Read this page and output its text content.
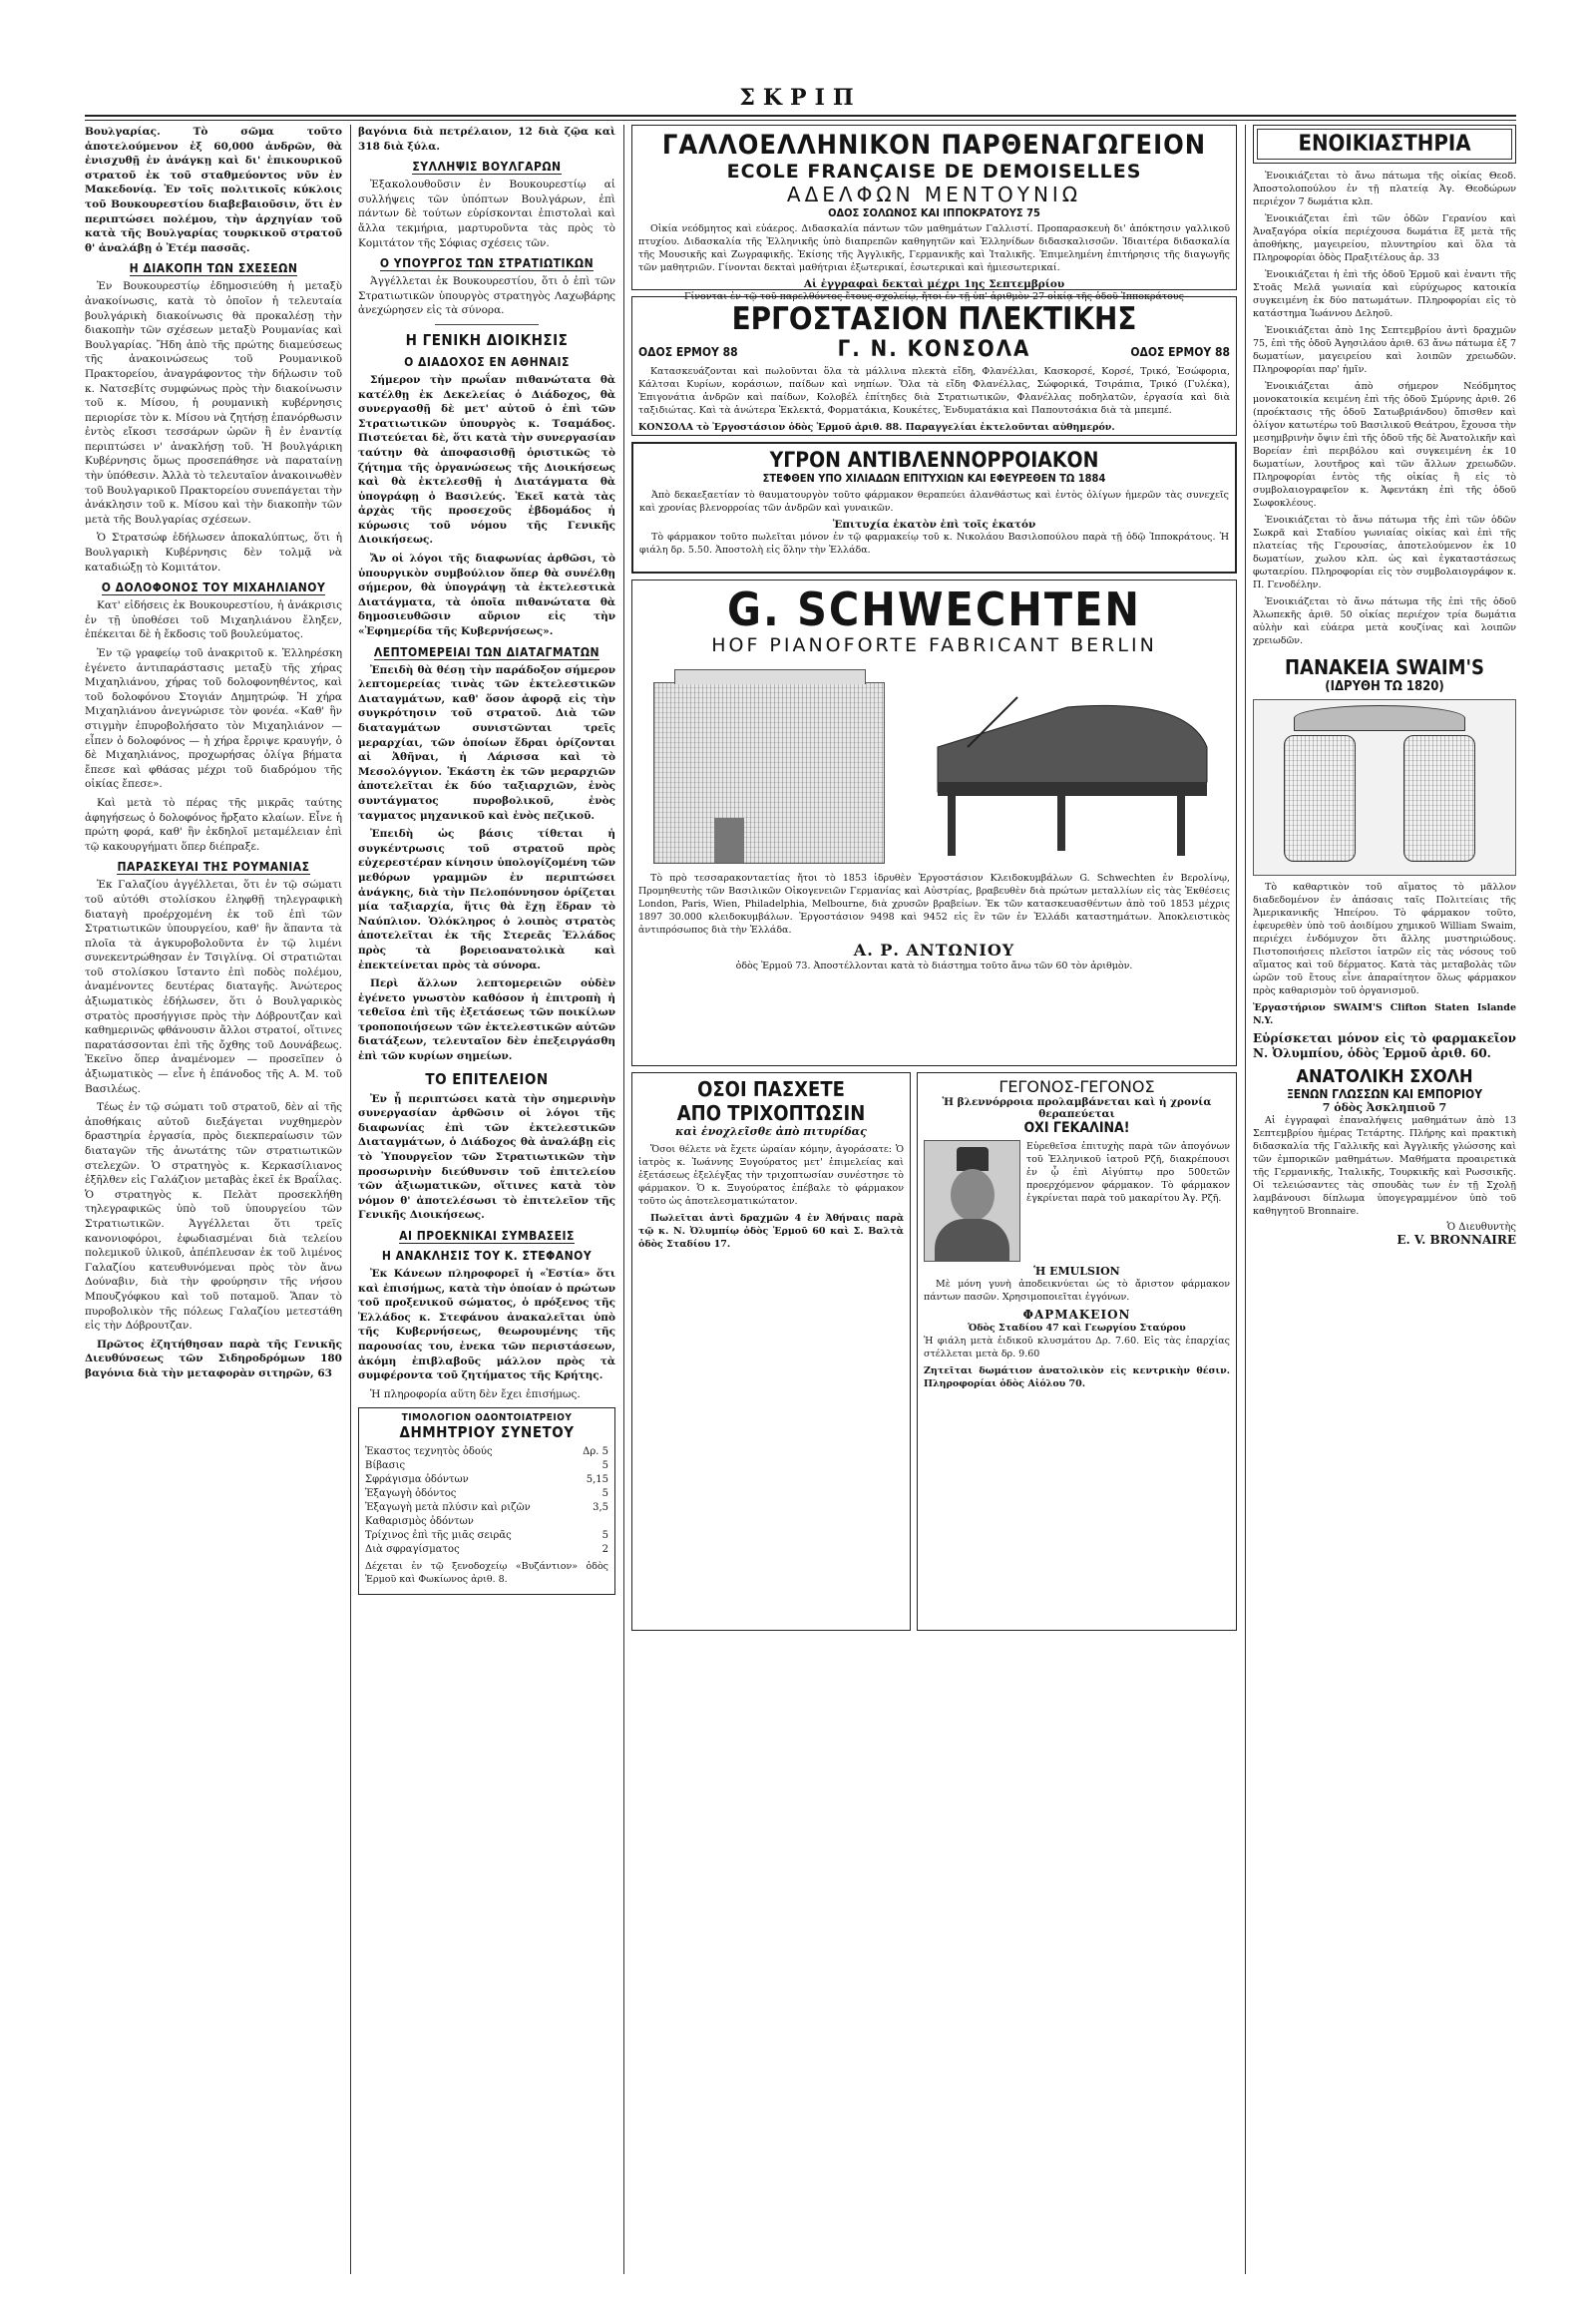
ΣΚΡΙΠ

Βουλγαρίας. Τὸ σῶμα τοῦτο ἀποτελούμενον ἐξ 60,000 ἀνδρῶν, θὰ ἐνισχυθῇ ἐν ἀνάγκῃ καὶ δι' ἐπικουρικοῦ στρατοῦ ἐκ τοῦ σταθμεύοντος νῦν ἐν Μακεδονίᾳ. Ἐν τοῖς πολιτικοῖς κύκλοις τοῦ Βουκουρεστίου διαβεβαιοῦσιν, ὅτι ἐν περιπτώσει πολέμου, τὴν ἀρχηγίαν τοῦ κατὰ τῆς Βουλγαρίας τουρκικοῦ στρατοῦ θ' ἀναλάβῃ ὁ Ἐτέμ πασσᾶς.

Η ΔΙΑΚΟΠΗ ΤΩΝ ΣΧΕΣΕΩΝ

Ἐν Βουκουρεστίῳ ἐδημοσιεύθη ἡ μεταξὺ ἀνακοίνωσις, κατὰ τὸ ὁποῖον ἡ τελευταία βουλγάρικὴ διακοίνωσις θὰ προκαλέσῃ τὴν διακοπὴν τῶν σχέσεων μεταξὺ Ρουμανίας καὶ Βουλγαρίας. Ἤδη ἀπὸ τῆς πρώτης διαμεύσεως τῆς ἀνακοινώσεως τοῦ Ρουμανικοῦ Πρακτορείου, ἀναγράφοντος τὴν δήλωσιν τοῦ κ. Νατσεβίτς συμφώνως πρὸς τὴν διακοίνωσιν τοῦ κ. Μίσου, ἡ ρουμανικὴ κυβέρνησις περιορίσε τὸν κ. Μίσου νὰ ζητήσῃ ἐπανόρθωσιν ἐντὸς εἴκοσι τεσσάρων ὡρῶν ἢ ἐν ἐναντίᾳ περιπτώσει ν' ἀνακλήσῃ τοῦ. Ἡ βουλγάρικη Κυβέρνησις ὅμως προσεπάθησε νὰ παραταίνῃ τὴν ὑπόθεσιν. Ἀλλὰ τὸ τελευταῖον ἀνακοινωθὲν τοῦ Βουλγαρικοῦ Πρακτορείου συνεπάγεται τὴν ἀνάκλησιν τοῦ κ. Μίσου καὶ τὴν διακοπὴν τῶν μετὰ τῆς Βουλγαρίας σχέσεων.

Ὁ Στρατσώφ ἐδήλωσεν ἀποκαλύπτως, ὅτι ἡ Βουλγαρικὴ Κυβέρνησις δὲν τολμᾷ νὰ καταδιώξῃ τὸ Κομιτάτον.

Ο ΔΟΛΟΦΟΝΟΣ ΤΟΥ ΜΙΧΑΗΛΙΑΝΟΥ

Κατ' εἰδήσεις ἐκ Βουκουρεστίου, ἡ ἀνάκρισις ἐν τῇ ὑποθέσει τοῦ Μιχαηλιάνου ἔληξεν, ἐπέκειται δὲ ἡ ἔκδοσις τοῦ βουλεύματος.

Ἐν τῷ γραφείῳ τοῦ ἀνακριτοῦ κ. Ἑλληρέσκη ἐγένετο ἀντιπαράστασις μεταξὺ τῆς χήρας Μιχαηλιάνου, χήρας τοῦ δολοφονηθέντος, καὶ τοῦ δολοφόνου Στογιάν Δημητρώφ. Ἡ χήρα Μιχαηλιάνου ἀνεγνώρισε τὸν φονέα. «Καθ' ἣν στιγμὴν ἐπυροβολήσατο τὸν Μιχαηλιάνον — εἶπεν ὁ δολοφόνος — ἡ χήρα ἔρριψε κραυγήν, ὁ δὲ Μιχαηλιάνος, προχωρήσας ὀλίγα βήματα ἔπεσε καὶ φθάσας μέχρι τοῦ διαδρόμου τῆς οἰκίας ἔπεσε».

Καὶ μετὰ τὸ πέρας τῆς μικρᾶς ταύτης ἀφηγήσεως ὁ δολοφόνος ἤρξατο κλαίων. Εἶνε ἡ πρώτη φορά, καθ' ἣν ἐκδηλοῖ μεταμέλειαν ἐπὶ τῷ κακουργήματι ὅπερ διέπραξε.

ΠΑΡΑΣΚΕΥΑΙ ΤΗΣ ΡΟΥΜΑΝΙΑΣ

Ἐκ Γαλαζίου ἀγγέλλεται, ὅτι ἐν τῷ σώματι τοῦ αὐτόθι στολίσκου ἐληφθῇ τηλεγραφικὴ διαταγὴ προέρχομένη ἐκ τοῦ ἐπὶ τῶν Στρατιωτικῶν ὑπουργείου, καθ' ἣν ἅπαντα τὰ πλοῖα τὰ ἀγκυροβολοῦντα ἐν τῷ λιμένι συνεκεντρώθησαν ἐν Τσιγλίνᾳ. Οἱ στρατιῶται τοῦ στολίσκου ἴσταντο ἐπὶ ποδὸς πολέμου, ἀναμένοντες δευτέρας διαταγῆς. Ἀνώτερος ἀξιωματικὸς ἐδήλωσεν, ὅτι ὁ Βουλγαρικὸς στρατὸς προσήγγισε πρὸς τὴν Δόβρουτζαν καὶ καθημερινῶς φθάνουσιν ἄλλοι στρατοί, οἵτινες παρατάσσονται ἐπὶ τῆς ὄχθης τοῦ Δουνάβεως. Ἐκεῖνο ὅπερ ἀναμένομεν — προσεῖπεν ὁ ἀξιωματικὸς — εἶνε ἡ ἐπάνοδος τῆς Α. Μ. τοῦ Βασιλέως.

Τέως ἐν τῷ σώματι τοῦ στρατοῦ, δὲν αἱ τῆς ἀποθήκαις αὐτοῦ διεξάγεται νυχθημερὸν δραστηρία ἐργασία, πρὸς διεκπεραίωσιν τῶν διαταγῶν τῆς ἀνωτάτης τῶν στρατιωτικῶν στελεχῶν. Ὁ στρατηγὸς κ. Κερκασίλιανος ἐξῆλθεν εἰς Γαλάζιον μεταβὰς ἐκεῖ ἐκ Βραΐλας. Ὁ στρατηγὸς κ. Πελὰτ προσεκλήθη τηλεγραφικῶς ὑπὸ τοῦ ὑπουργείου τῶν Στρατιωτικῶν. Ἀγγέλλεται ὅτι τρεῖς κανονιοφόροι, ἐφωδιασμέναι διὰ τελείου πολεμικοῦ ὑλικοῦ, ἀπέπλευσαν ἐκ τοῦ λιμένος Γαλαζίου κατευθυνόμεναι πρὸς τὸν ἄνω Δούναβιν, διὰ τὴν φρούρησιν τῆς νήσου Μπουζγόφκου καὶ τοῦ ποταμοῦ. Ἅπαν τὸ πυροβολικὸν τῆς πόλεως Γαλαζίου μετεστάθη εἰς τὴν Δόβρουτζαν.

Πρῶτος ἐζητήθησαν παρὰ τῆς Γενικῆς Διευθύνσεως τῶν Σιδηροδρόμων 180 βαγόνια διὰ τὴν μεταφορὰν σιτηρῶν, 63

βαγόνια διὰ πετρέλαιον, 12 διὰ ζῷα καὶ 318 διὰ ξύλα.

ΣΥΛΛΗΨΙΣ ΒΟΥΛΓΑΡΩΝ

Ἐξακολουθοῦσιν ἐν Βουκουρεστίῳ αἱ συλλήψεις τῶν ὑπόπτων Βουλγάρων, ἐπὶ πάντων δὲ τούτων εὑρίσκονται ἐπιστολαὶ καὶ ἄλλα τεκμήρια, μαρτυροῦντα τὰς πρὸς τὸ Κομιτάτον τῆς Σόφιας σχέσεις τῶν.

Ο ΥΠΟΥΡΓΟΣ ΤΩΝ ΣΤΡΑΤΙΩΤΙΚΩΝ

Ἀγγέλλεται ἐκ Βουκουρεστίου, ὅτι ὁ ἐπὶ τῶν Στρατιωτικῶν ὑπουργὸς στρατηγὸς Λαχωβάρης ἀνεχώρησεν εἰς τὰ σύνορα.

Η ΓΕΝΙΚΗ ΔΙΟΙΚΗΣΙΣ
Ο ΔΙΑΔΟΧΟΣ ΕΝ ΑΘΗΝΑΙΣ

Σήμερον τὴν πρωΐαν πιθανώτατα θὰ κατέλθῃ ἐκ Δεκελείας ὁ Διάδοχος, θὰ συνεργασθῇ δὲ μετ' αὐτοῦ ὁ ἐπὶ τῶν Στρατιωτικῶν ὑπουργὸς κ. Τσαμάδος. Πιστεύεται δὲ, ὅτι κατὰ τὴν συνεργασίαν ταύτην θὰ ἀποφασισθῇ ὁριστικῶς τὸ ζήτημα τῆς ὀργανώσεως τῆς Διοικήσεως καὶ θὰ ἐκτελεσθῇ ἡ Διατάγματα θὰ ὑπογράφῃ ὁ Βασιλεύς. Ἐκεῖ κατὰ τὰς ἀρχὰς τῆς προσεχοῦς ἑβδομάδος ἡ κύρωσις τοῦ νόμου τῆς Γενικῆς Διοικήσεως.

Ἄν οἱ λόγοι τῆς διαφωνίας ἀρθῶσι, τὸ ὑπουργικὸν συμβούλιον ὅπερ θὰ συνέλθῃ σήμερον, θὰ ὑπογράψῃ τὰ ἐκτελεστικὰ Διατάγματα, τὰ ὁποῖα πιθανώτατα θὰ δημοσιευθῶσιν αὔριον εἰς τὴν «Ἐφημερίδα τῆς Κυβερνήσεως».

ΛΕΠΤΟΜΕΡΕΙΑΙ ΤΩΝ ΔΙΑΤΑΓΜΑΤΩΝ

Ἐπειδὴ θὰ θέσῃ τὴν παράδοξον σήμερον λεπτομερείας τινὰς τῶν ἐκτελεστικῶν Διαταγμάτων, καθ' ὅσον ἀφορᾷ εἰς τὴν συγκρότησιν τοῦ στρατοῦ. Διὰ τῶν διαταγμάτων συνιστῶνται τρεῖς μεραρχίαι, τῶν ὁποίων ἕδραι ὁρίζονται αἱ Ἀθῆναι, ἡ Λάρισσα καὶ τὸ Μεσολόγγιον. Ἑκάστη ἐκ τῶν μεραρχιῶν ἀποτελεῖται ἐκ δύο ταξιαρχιῶν, ἑνὸς συντάγματος πυροβολικοῦ, ἑνὸς ταγματος μηχανικοῦ καὶ ἑνὸς πεζικοῦ.

Ἐπειδὴ ὡς βάσις τίθεται ἡ συγκέντρωσις τοῦ στρατοῦ πρὸς εὐχερεστέραν κίνησιν ὑπολογίζομένη τῶν μεθόρων γραμμῶν ἐν περιπτώσει ἀνάγκης, διὰ τὴν Πελοπόννησον ὁρίζεται μία ταξιαρχία, ἥτις θὰ ἔχῃ ἕδραν τὸ Ναύπλιον. Ὁλόκληρος ὁ λοιπὸς στρατὸς ἀποτελεῖται ἐκ τῆς Στερεᾶς Ἑλλάδος πρὸς τὰ βορειοανατολικὰ καὶ ἐπεκτείνεται πρὸς τὰ σύνορα.

Περὶ ἄλλων λεπτομερειῶν οὐδὲν ἐγένετο γνωστὸν καθόσον ἡ ἐπιτροπὴ ἡ τεθεῖσα ἐπὶ τῆς ἐξετάσεως τῶν ποικίλων τροποποιήσεων τῶν ἐκτελεστικῶν αὐτῶν διατάξεων, τελευταῖον δὲν ἐπεξειργάσθη ἐπὶ τῶν κυρίων σημείων.

ΤΟ ΕΠΙΤΕΛΕΙΟΝ

Ἐν ᾗ περιπτώσει κατὰ τὴν σημερινὴν συνεργασίαν ἀρθῶσιν οἱ λόγοι τῆς διαφωνίας ἐπὶ τῶν ἐκτελεστικῶν Διαταγμάτων, ὁ Διάδοχος θὰ ἀναλάβῃ εἰς τὸ Ὑπουργεῖον τῶν Στρατιωτικῶν τὴν προσωρινὴν διεύθυνσιν τοῦ ἐπιτελείου τῶν ἀξιωματικῶν, οἵτινες κατὰ τὸν νόμον θ' ἀποτελέσωσι τὸ ἐπιτελεῖον τῆς Γενικῆς Διοικήσεως.

ΑΙ ΠΡΟΕΚΝΙΚΑΙ ΣΥΜΒΑΣΕΙΣ
Η ΑΝΑΚΛΗΣΙΣ ΤΟΥ Κ. ΣΤΕΦΑΝΟΥ

Ἐκ Κάνεων πληροφορεῖ ἡ «Ἑστία» ὅτι καὶ ἐπισήμως, κατὰ τὴν ὁποίαν ὁ πρώτων τοῦ προξενικοῦ σώματος, ὁ πρόξενος τῆς Ἑλλάδος κ. Στεφάνου ἀνακαλεῖται ὑπὸ τῆς Κυβερνήσεως, θεωρουμένης τῆς παρουσίας του, ἐνεκα τῶν περιστάσεων, ἀκόμη ἐπιβλαβοῦς μάλλον πρὸς τὰ συμφέροντα τοῦ ζητήματος τῆς Κρήτης.

Ἡ πληροφορία αὕτη δὲν ἔχει ἐπισήμως.

ΤΙΜΟΛΟΓΙΟΝ ΟΔΟΝΤΟΙΑΤΡΕΙΟΥ
ΔΗΜΗΤΡΙΟΥ ΣΥΝΕΤΟΥ
Ἐκαστος τεχνητὸς ὀδούς	Δρ. 5
Βίβασις	5
Σφράγισμα ὀδόντων	5,15
Ἐξαγωγὴ ὀδόντος	5
Ἐξαγωγὴ μετὰ πλύσιν καὶ ριζῶν	3,5
Καθαρισμὸς ὀδόντων
Τρίχινος ἐπὶ τῆς μιᾶς σειρᾶς	5
Διὰ σφραγίσματος	2

Δέχεται ἐν τῷ ξενοδοχείῳ «Βυζάντιον» ὁδὸς Ἑρμοῦ καὶ Φωκίωνος ἀριθ. 8.

ΓΑΛΛΟΕΛΛΗΝΙΚΟΝ ΠΑΡΘΕΝΑΓΩΓΕΙΟΝ
ECOLE FRANÇAISE DE DEMOISELLES
ΑΔΕΛΦΩΝ ΜΕΝΤΟΥΝΙΩ
ΟΔΟΣ ΣΟΛΩΝΟΣ ΚΑΙ ΙΠΠΟΚΡΑΤΟΥΣ 75

Οἰκία νεόδμητος καὶ εὐάερος. Διδασκαλία πάντων τῶν μαθημάτων Γαλλιστί. Προπαρασκευὴ δι' ἀπόκτησιν γαλλικοῦ πτυχίου. Διδασκαλία τῆς Ἑλληνικῆς ὑπὸ διαπρεπῶν καθηγητῶν καὶ Ἑλληνίδων διδασκαλισσῶν. Ἰδιαιτέρα διδασκαλία τῆς Μουσικῆς καὶ Ζωγραφικῆς. Ἐκίσης τῆς Ἀγγλικῆς, Γερμανικῆς καὶ Ἰταλικῆς. Ἐπιμελημένη ἐπιτήρησις τῆς διαγωγῆς τῶν μαθητριῶν. Γίνονται δεκταὶ μαθήτριαι ἐξωτερικαί, ἐσωτερικαὶ καὶ ἡμιεσωτερικαί.

Αἱ ἐγγραφαὶ δεκταὶ μέχρι 1ης Σεπτεμβρίου
Γίνονται ἐν τῷ τοῦ παρελθόντος ἔτους σχολείῳ, ἤτοι ἐν τῇ ὑπ' ἀριθμὸν 27 οἰκίᾳ τῆς ὁδοῦ Ἱπποκράτους
ΕΡΓΟΣΤΑΣΙΟΝ ΠΛΕΚΤΙΚΗΣ
ΟΔΟΣ ΕΡΜΟΥ 88	Γ. Ν. ΚΟΝΣΟΛΑ	ΟΔΟΣ ΕΡΜΟΥ 88

Κατασκευάζονται καὶ πωλοῦνται ὅλα τὰ μάλλινα πλεκτὰ εἴδη, Φλανέλλαι, Κασκορσέ, Κορσέ, Τρικό, Ἐσώφορια, Κάλτσαι Κυρίων, κοράσιων, παίδων καὶ νηπίων. Ὅλα τὰ εἴδη Φλανέλλας, Σώφορικά, Τσιράπια, Τρικό (Γυλέκα), Ἐπιγονάτια ἀνδρῶν καὶ παίδων, Κολοβέλ ἐπίτηδες διὰ Στρατιωτικῶν, Φλανέλλας ποδηλατῶν, ἐργασία καὶ διὰ ταξιδιώτας. Καὶ τὰ ἀνώτερα Ἐκλεκτά, Φορματάκια, Κουκέτες, Ἐνδυματάκια καὶ Παπουτσάκια διὰ τὰ μπεμπέ.

ΚΟΝΣΟΛΑ τὸ Ἐργοστάσιον ὁδὸς Ἑρμοῦ ἀριθ. 88. Παραγγελίαι ἐκτελοῦνται αὐθημερόν.

ΥΓΡΟΝ ΑΝΤΙΒΛΕΝΝΟΡΡΟΙΑΚΟΝ
ΣΤΕΦΘΕΝ ΥΠΟ ΧΙΛΙΑΔΩΝ ΕΠΙΤΥΧΙΩΝ ΚΑΙ ΕΦΕΥΡΕΘΕΝ ΤΩ 1884

Ἀπὸ δεκαεξαετίαν τὸ θαυματουργὸν τοῦτο φάρμακον θεραπεύει ἀλανθάστως καὶ ἐντὸς ὀλίγων ἡμερῶν τὰς συνεχεῖς καὶ χρονίας βλενορροίας τῶν ἀνδρῶν καὶ γυναικῶν.

Ἐπιτυχία ἑκατὸν ἐπὶ τοῖς ἑκατόν

Τὸ φάρμακον τοῦτο πωλεῖται μόνον ἐν τῷ φαρμακείῳ τοῦ κ. Νικολάου Βασιλοπούλου παρὰ τῇ ὁδῷ Ἱπποκράτους. Ἡ φιάλη δρ. 5.50. Ἀποστολὴ εἰς ὅλην τὴν Ἑλλάδα.

G. SCHWECHTEN
HOF PIANOFORTE FABRICANT BERLIN

Τὸ πρὸ τεσσαρακονταετίας ἤτοι τὸ 1853 ἱδρυθὲν Ἐργοστάσιον Κλειδοκυμβάλων G. Schwechten ἐν Βερολίνῳ, Προμηθευτὴς τῶν Βασιλικῶν Οἰκογενειῶν Γερμανίας καὶ Αὐστρίας, βραβευθὲν διὰ πρώτων μεταλλίων εἰς τὰς Ἐκθέσεις London, Paris, Wien, Philadelphia, Melbourne, διὰ χρυσῶν βραβείων. Ἐκ τῶν κατασκευασθέντων ἀπὸ τοῦ 1853 μέχρις 1897 30.000 κλειδοκυμβάλων. Ἐργοστάσιον 9498 καὶ 9452 εἰς ἓν τῶν ἐν Ἑλλάδι καταστημάτων. Ἀποκλειστικὸς ἀντιπρόσωπος διὰ τὴν Ἑλλάδα.

Α. Ρ. ΑΝΤΩΝΙΟΥ

ὁδὸς Ἑρμοῦ 73. Ἀποστέλλονται κατὰ τὸ διάστημα τοῦτο ἄνω τῶν 60 τὸν ἀριθμὸν.

ΟΣΟΙ ΠΑΣΧΕΤΕ
ΑΠΟ ΤΡΙΧΟΠΤΩΣΙΝ
καὶ ἐνοχλεῖσθε ἀπὸ πιτυρίδας

Ὅσοι θέλετε νὰ ἔχετε ὡραίαν κόμην, ἀγοράσατε: Ὁ ἰατρὸς κ. Ἰωάννης Ξυγούρατος μετ' ἐπιμελείας καὶ ἐξετάσεως ἐξελέγξας τὴν τριχοπτωσίαν συνέστησε τὸ φάρμακον. Ὁ κ. Ξυγούρατος ἐπέβαλε τὸ φάρμακον τοῦτο ὡς ἀποτελεσματικώτατον.

Πωλεῖται ἀντὶ δραχμῶν 4 ἐν Ἀθήναις παρὰ τῷ κ. Ν. Ὀλυμπίῳ ὁδὸς Ἑρμοῦ 60 καὶ Σ. Βαλτὰ ὁδὸς Σταδίου 17.

ΓΕΓΟΝΟΣ-ΓΕΓΟΝΟΣ
Ἡ βλεννόρροια προλαμβάνεται καὶ ἡ χρονία θεραπεύεται
ΟΧΙ ΓΕΚΑΛΙΝΑ!

Εὑρεθεῖσα ἐπιτυχὴς παρὰ τῶν ἀπογόνων τοῦ Ἑλληνικοῦ ἰατροῦ Ρζῆ, διακρέπουσι ἐν ᾧ ἐπὶ Αἰγύπτῳ προ 500ετῶν προερχόμενον φάρμακον. Τὸ φάρμακον ἐγκρίνεται παρὰ τοῦ μακαρίτου Ἀγ. Ρζῆ.

Ἡ EMULSION

Μὲ μόνη γυνὴ ἀποδεικνύεται ὡς τὸ ἄριστον φάρμακον πάντων πασῶν. Χρησιμοποιεῖται ἐγγόνων.

ΦΑΡΜΑΚΕΙΟΝ
Ὁδὸς Σταδίου 47 καὶ Γεωργίου Σταύρου

Ἡ φιάλη μετὰ ἐιδικοῦ κλυσμάτου Δρ. 7.60. Εἰς τὰς ἐπαρχίας στέλλεται μετὰ δρ. 9.60

Ζητεῖται δωμάτιον ἀνατολικὸν εἰς κεντρικὴν θέσιν. Πληροφορίαι ὁδὸς Αἰόλου 70.

ΕΝΟΙΚΙΑΣΤΗΡΙΑ

Ἐνοικιάζεται τὸ ἄνω πάτωμα τῆς οἰκίας Θεοδ. Ἀποστολοπούλου ἐν τῇ πλατείᾳ Ἀγ. Θεοδώρων περιέχον 7 δωμάτια κλπ.

Ἐνοικιάζεται ἐπὶ τῶν ὁδῶν Γερανίου καὶ Ἀναξαγόρα οἰκία περιέχουσα δωμάτια ἕξ μετὰ τῆς ἀποθήκης, μαγειρείου, πλυντηρίου καὶ ὅλα τὰ Πληροφορίαι ὁδὸς Πραξιτέλους ἀρ. 33

Ἐνοικιάζεται ἡ ἐπὶ τῆς ὁδοῦ Ἑρμοῦ καὶ ἐναντι τῆς Στοᾶς Μελᾶ γωνιαία καὶ εὐρύχωρος κατοικία συγκειμένη ἐκ δύο πατωμάτων. Πληροφορίαι εἰς τὸ κατάστημα Ἰωάννου Δεληοῦ.

Ἐνοικιάζεται ἀπὸ 1ης Σεπτεμβρίου ἀντὶ δραχμῶν 75, ἐπὶ τῆς ὁδοῦ Ἀγησιλάου ἀριθ. 63 ἄνω πάτωμα ἐξ 7 δωματίων, μαγειρείου καὶ λοιπῶν χρειωδῶν. Πληροφορίαι παρ' ἡμῖν.

Ἐνοικιάζεται ἀπὸ σήμερον Νεόδμητος μονοκατοικία κειμένη ἐπὶ τῆς ὁδοῦ Σμύρνης ἀριθ. 26 (προέκτασις τῆς ὁδοῦ Σατωβριάνδου) ὄπισθεν καὶ ὀλίγον κατωτέρω τοῦ Βασιλικοῦ Θεάτρου, ἔχουσα τὴν μεσημβρινὴν ὄψιν ἐπὶ τῆς ὁδοῦ τῆς δὲ Ἀνατολικῆν καὶ Βορείαν ἐπὶ περιβόλου καὶ συγκειμένη ἐκ 10 δωματίων, λουτῆρος καὶ τῶν ἄλλων χρειωδῶν. Πληροφορίαι ἐντὸς τῆς οἰκίας ἢ εἰς τὸ συμβολαιογραφεῖον κ. Ἀφεντάκη ἐπὶ τῆς ὁδοῦ Σωφοκλέους.

Ἐνοικιάζεται τὸ ἄνω πάτωμα τῆς ἐπὶ τῶν ὁδῶν Σωκρᾶ καὶ Σταδίου γωνιαίας οἰκίας καὶ ἐπὶ τῆς πλατείας τῆς Γερουσίας, ἀποτελούμενον ἐκ 10 δωματίων, χωλου κλπ. ὡς καὶ ἐγκαταστάσεως φωταερίου. Πληροφορίαι εἰς τὸν συμβολαιογράφον κ. Π. Γενοδέλην.

Ἐνοικιάζεται τὸ ἄνω πάτωμα τῆς ἐπὶ τῆς ὁδοῦ Ἀλωπεκῆς ἀριθ. 50 οἰκίας περιέχον τρία δωμάτια αὐλὴν καὶ εὐάερα μετὰ κουζίνας καὶ λοιπῶν χρειωδῶν.

ΠΑΝΑΚΕΙΑ SWAIM'S
(ΙΔΡΥΘΗ ΤΩ 1820)

Τὸ καθαρτικὸν τοῦ αἵματος τὸ μᾶλλον διαδεδομένον ἐν ἁπάσαις ταῖς Πολιτείαις τῆς Ἀμερικανικῆς Ἠπείρου. Τὸ φάρμακον τοῦτο, ἐφευρεθὲν ὑπὸ τοῦ ἀοιδίμου χημικοῦ William Swaim, περιέχει ἐνδόμυχον ὅτι ἄλλης μυστηριώδους. Πιστοποιήσεις πλεῖστοι ἰατρῶν εἰς τὰς νόσους τοῦ αἵματος καὶ τοῦ δέρματος. Κατὰ τὰς μεταβολὰς τῶν ὡρῶν τοῦ ἔτους εἶνε ἀπαραίτητον ὅλως φάρμακον πρὸς καθαρισμὸν τοῦ ὀργανισμοῦ.

Ἐργαστήριον SWAIM'S Clifton Staten Islande N.Y.

Εὑρίσκεται μόνον εἰς τὸ φαρμακεῖον Ν. Ὀλυμπίου, ὁδὸς Ἑρμοῦ ἀριθ. 60.

ΑΝΑΤΟΛΙΚΗ ΣΧΟΛΗ
ΞΕΝΩΝ ΓΛΩΣΣΩΝ ΚΑΙ ΕΜΠΟΡΙΟΥ
7 ὁδὸς Ἀσκληπιοῦ 7

Αἱ ἐγγραφαὶ ἐπαναλήψεις μαθημάτων ἀπὸ 13 Σεπτεμβρίου ἡμέρας Τετάρτης. Πλήρης καὶ πρακτικὴ διδασκαλία τῆς Γαλλικῆς καὶ Ἀγγλικῆς γλώσσης καὶ τῶν ἐμπορικῶν μαθημάτων. Μαθήματα προαιρετικὰ τῆς Γερμανικῆς, Ἰταλικῆς, Τουρκικῆς καὶ Ρωσσικῆς. Οἱ τελειώσαντες τὰς σπουδὰς των ἐν τῇ Σχολῇ λαμβάνουσι δίπλωμα ὑπογεγραμμένον ὑπὸ τοῦ καθηγητοῦ Bronnaire.

Ὁ Διευθυντὴς
E. V. BRONNAIRE
